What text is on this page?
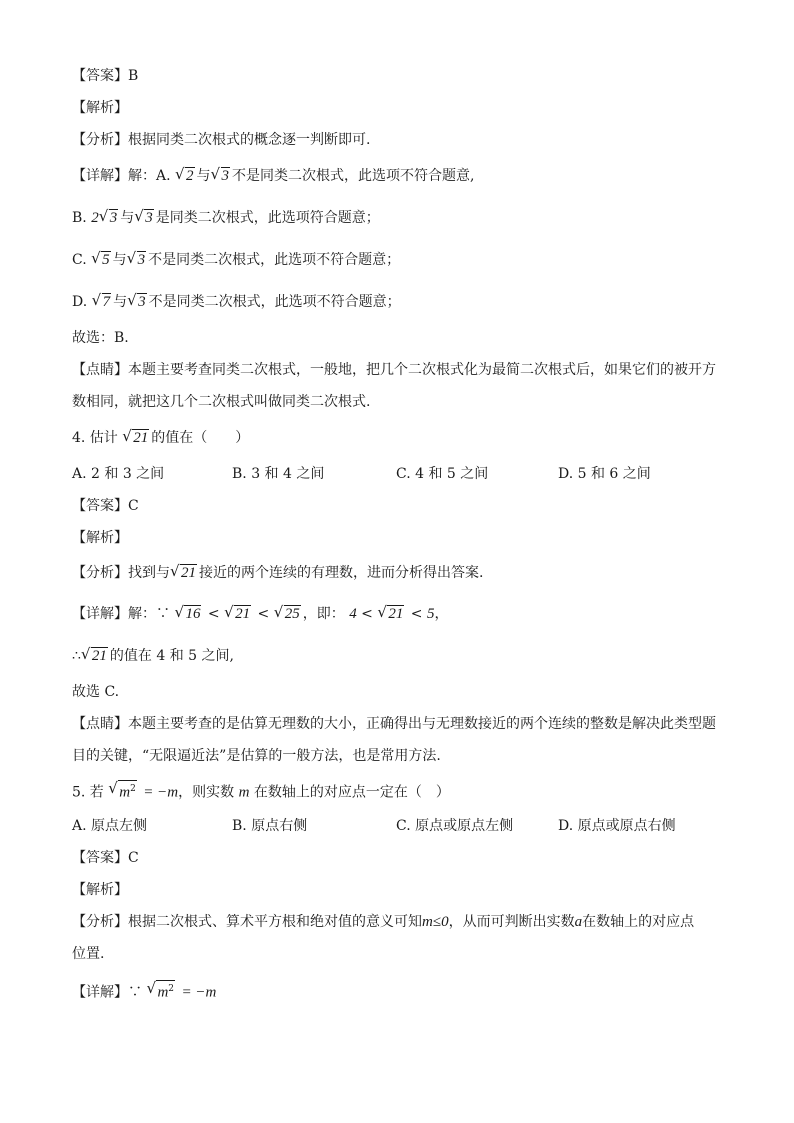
【答案】B
【解析】
【分析】根据同类二次根式的概念逐一判断即可.
【详解】解：A. √ 2 与 √ 3 不是同类二次根式，此选项不符合题意,
B. 2 √ 3 与 √ 3 是同类二次根式，此选项符合题意；
C. √ 5 与 √ 3 不是同类二次根式，此选项不符合题意；
D. √ 7 与 √ 3 不是同类二次根式，此选项不符合题意；
故选：B.
【点睛】本题主要考查同类二次根式，一般地，把几个二次根式化为最简二次根式后，如果它们的被开方
数相同，就把这几个二次根式叫做同类二次根式.
4. 估计 √ 21 的值在（　　）
A. 2 和 3 之间	B. 3 和 4 之间	C. 4 和 5 之间	D. 5 和 6 之间
【答案】C
【解析】
【分析】找到与 √ 21 接近的两个连续的有理数，进而分析得出答案.
【详解】解：∵ √ 16 < √ 21 < √ 25 ，即： 4 < √ 21 < 5，
∴ √ 21 的值在 4 和 5 之间,
故选 C.
【点睛】本题主要考查的是估算无理数的大小，正确得出与无理数接近的两个连续的整数是解决此类型题
目的关键，“无限逼近法”是估算的一般方法，也是常用方法.
5. 若 √ $m^2 = -m$，则实数 m 在数轴上的对应点一定在（　）
A. 原点左侧	B. 原点右侧	C. 原点或原点左侧	D. 原点或原点右侧
【答案】C
【解析】
【分析】根据二次根式、算术平方根和绝对值的意义可知m≤0，从而可判断出实数a在数轴上的对应点
位置.
【详解】∵ √ $m^2 = -m$
